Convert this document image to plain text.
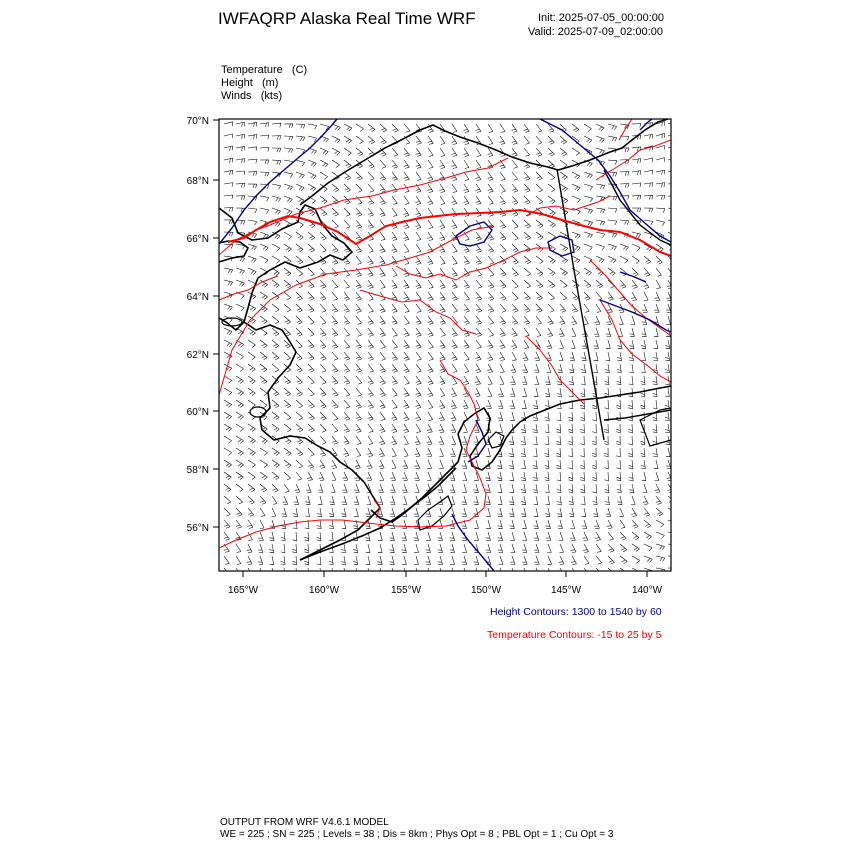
IWFAQRP Alaska Real Time WRF	Init: 2025-07-05_00:00:00
Valid: 2025-07-09_02:00:00
Temperature   (C)
Height   (m)
Winds   (kts)
70°N
68°N
66°N
64°N
62°N
60°N
58°N
56°N
165°W	160°W	155°W	150°W	145°W	140°W
Height Contours: 1300 to 1540 by 60
Temperature Contours: -15 to 25 by 5
OUTPUT FROM WRF V4.6.1 MODEL
WE = 225 ; SN = 225 ; Levels = 38 ; Dis = 8km ; Phys Opt = 8 ; PBL Opt = 1 ; Cu Opt = 3
